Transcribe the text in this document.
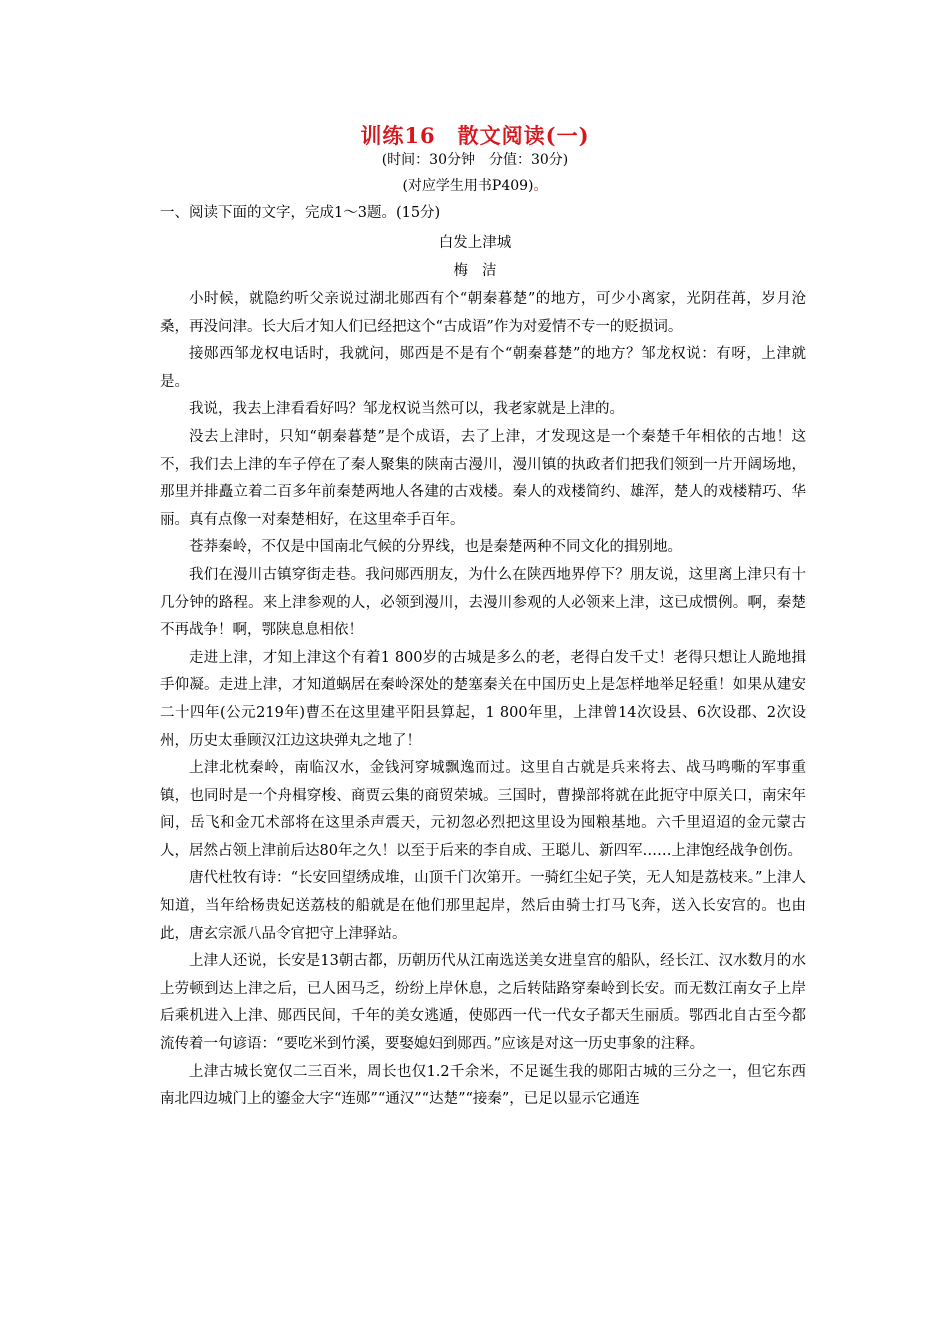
训练16 散文阅读(一)
(时间：30分钟　分值：30分)
(对应学生用书P409)。
一、阅读下面的文字，完成1～3题。(15分)
白发上津城
梅洁

小时候，就隐约听父亲说过湖北郧西有个“朝秦暮楚”的地方，可少小离家，光阴荏苒，岁月沧桑，再没问津。长大后才知人们已经把这个“古成语”作为对爱情不专一的贬损词。

接郧西邹龙权电话时，我就问，郧西是不是有个“朝秦暮楚”的地方？邹龙权说：有呀，上津就是。

我说，我去上津看看好吗？邹龙权说当然可以，我老家就是上津的。

没去上津时，只知“朝秦暮楚”是个成语，去了上津，才发现这是一个秦楚千年相依的古地！这不，我们去上津的车子停在了秦人聚集的陕南古漫川，漫川镇的执政者们把我们领到一片开阔场地，那里并排矗立着二百多年前秦楚两地人各建的古戏楼。秦人的戏楼简约、雄浑，楚人的戏楼精巧、华丽。真有点像一对秦楚相好，在这里牵手百年。

苍莽秦岭，不仅是中国南北气候的分界线，也是秦楚两种不同文化的揖别地。

我们在漫川古镇穿街走巷。我问郧西朋友，为什么在陕西地界停下？朋友说，这里离上津只有十几分钟的路程。来上津参观的人，必领到漫川，去漫川参观的人必领来上津，这已成惯例。啊，秦楚不再战争！啊，鄂陕息息相依！

走进上津，才知上津这个有着1 800岁的古城是多么的老，老得白发千丈！老得只想让人跪地揖手仰凝。走进上津，才知道蜗居在秦岭深处的楚塞秦关在中国历史上是怎样地举足轻重！如果从建安二十四年(公元219年)曹丕在这里建平阳县算起，1 800年里，上津曾14次设县、6次设郡、2次设州，历史太垂顾汉江边这块弹丸之地了！

上津北枕秦岭，南临汉水，金钱河穿城飘逸而过。这里自古就是兵来将去、战马鸣嘶的军事重镇，也同时是一个舟楫穿梭、商贾云集的商贸荣城。三国时，曹操部将就在此扼守中原关口，南宋年间，岳飞和金兀术部将在这里杀声震天，元初忽必烈把这里设为囤粮基地。六千里迢迢的金元蒙古人，居然占领上津前后达80年之久！以至于后来的李自成、王聪儿、新四军……上津饱经战争创伤。

唐代杜牧有诗：“长安回望绣成堆，山顶千门次第开。一骑红尘妃子笑，无人知是荔枝来。”上津人知道，当年给杨贵妃送荔枝的船就是在他们那里起岸，然后由骑士打马飞奔，送入长安宫的。也由此，唐玄宗派八品令官把守上津驿站。

上津人还说，长安是13朝古都，历朝历代从江南选送美女进皇宫的船队，经长江、汉水数月的水上劳顿到达上津之后，已人困马乏，纷纷上岸休息，之后转陆路穿秦岭到长安。而无数江南女子上岸后乘机进入上津、郧西民间，千年的美女逃遁，使郧西一代一代女子都天生丽质。鄂西北自古至今都流传着一句谚语：“要吃米到竹溪，要娶媳妇到郧西。”应该是对这一历史事象的注释。

上津古城长宽仅二三百米，周长也仅1.2千余米，不足诞生我的郧阳古城的三分之一，但它东西南北四边城门上的鎏金大字“连郧”“通汉”“达楚”“接秦”，已足以显示它通连
